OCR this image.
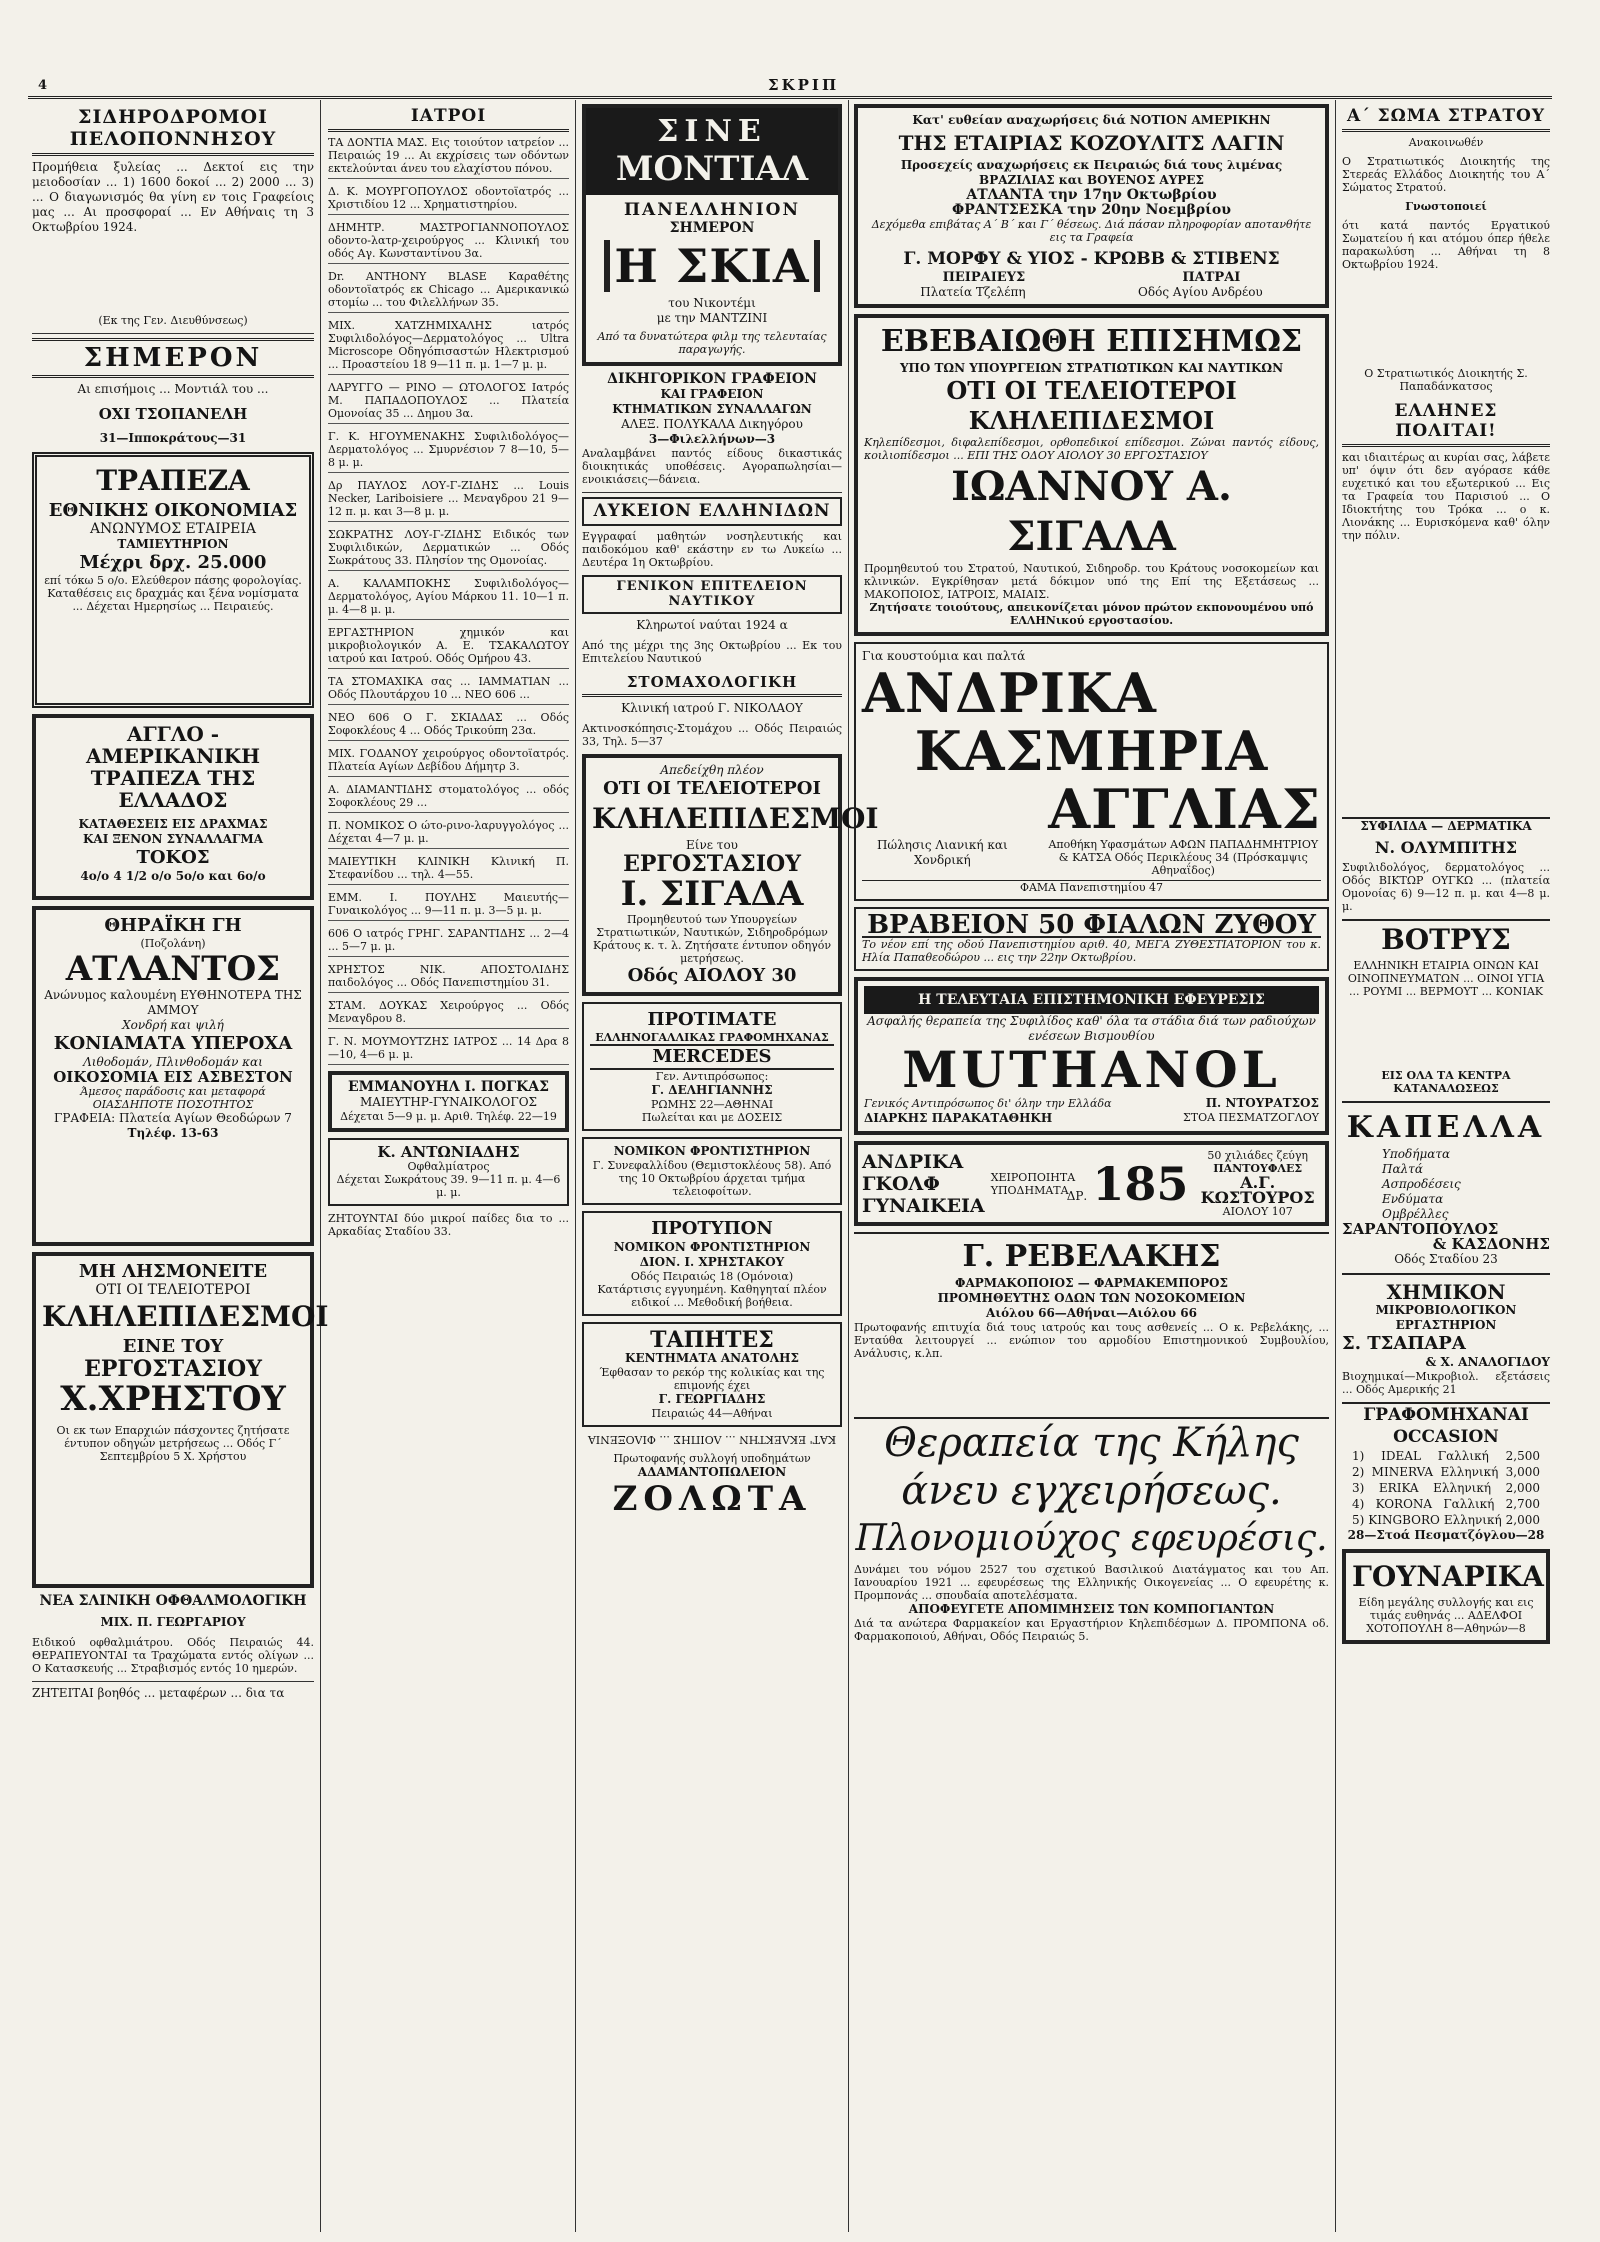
4	ΣΚΡΙΠ
ΣΙΔΗΡΟΔΡΟΜΟΙ ΠΕΛΟΠΟΝΝΗΣΟΥ
Προμήθεια ξυλείας ... Δεκτοί εις την μειοδοσίαν ... 1) 1600 δοκοί ... 2) 2000 ... 3) ... Ο διαγωνισμός θα γίνη εν τοις Γραφείοις μας ... Αι προσφοραί ... Εν Αθήναις τη 3 Οκτωβρίου 1924.
(Εκ της Γεν. Διευθύνσεως)
ΣΗΜΕΡΟΝ
Αι επισήμοις ... Μοντιάλ του ...
ΟΧΙ ΤΣΟΠΑΝΕΛΗ
31—Ιπποκράτους—31
ΤΡΑΠΕΖΑ
ΕΘΝΙΚΗΣ ΟΙΚΟΝΟΜΙΑΣ
ΑΝΩΝΥΜΟΣ ΕΤΑΙΡΕΙΑ
ΤΑΜΙΕΥΤΗΡΙΟΝ
Μέχρι δρχ. 25.000
επί τόκω 5 ο/ο. Ελεύθερον πάσης φορολογίας. Καταθέσεις εις δραχμάς και ξένα νομίσματα ... Δέχεται Ημερησίως ... Πειραιεύς.
ΑΓΓΛΟ - ΑΜΕΡΙΚΑΝΙΚΗ
ΤΡΑΠΕΖΑ ΤΗΣ ΕΛΛΑΔΟΣ
ΚΑΤΑΘΕΣΕΙΣ ΕΙΣ ΔΡΑΧΜΑΣ
ΚΑΙ ΞΕΝΟΝ ΣΥΝΑΛΛΑΓΜΑ
ΤΟΚΟΣ
4ο/ο 4 1/2 ο/ο 5ο/ο και 6ο/ο
ΘΗΡΑΪΚΗ ΓΗ
(Ποζολάνη)
ΑΤΛΑΝΤΟΣ
Ανώνυμος καλουμένη ΕΥΘΗΝΟΤΕΡΑ ΤΗΣ ΑΜΜΟΥ
Χονδρή και ψιλή
ΚΟΝΙΑΜΑΤΑ ΥΠΕΡΟΧΑ
Λιθοδομάν, Πλινθοδομάν και
ΟΙΚΟΣΟΜΙΑ ΕΙΣ ΑΣΒΕΣΤΟΝ
Άμεσος παράδοσις και μεταφορά ΟΙΑΣΔΗΠΟΤΕ ΠΟΣΟΤΗΤΟΣ
ΓΡΑΦΕΙΑ: Πλατεία Αγίων Θεοδώρων 7
Τηλέφ. 13-63
ΜΗ ΛΗΣΜΟΝΕΙΤΕ
ΟΤΙ ΟΙ ΤΕΛΕΙΟΤΕΡΟΙ
ΚΛΗΛΕΠΙΔΕΣΜΟΙ
ΕΙΝΕ ΤΟΥ
ΕΡΓΟΣΤΑΣΙΟΥ
Χ.ΧΡΗΣΤΟΥ
Οι εκ των Επαρχιών πάσχοντες ζητήσατε έντυπον οδηγών μετρήσεως ... Οδός Γ΄ Σεπτεμβρίου 5 Χ. Χρήστου
ΝΕΑ ΣΛΙΝΙΚΗ ΟΦΘΑΛΜΟΛΟΓΙΚΗ
ΜΙΧ. Π. ΓΕΩΡΓΑΡΙΟΥ
Ειδικού οφθαλμιάτρου. Οδός Πειραιώς 44. ΘΕΡΑΠΕΥΟΝΤΑΙ τα Τραχώματα εντός ολίγων ... Ο Κατασκευής ... Στραβισμός εντός 10 ημερών.
ΖΗΤΕΙΤΑΙ βοηθός ... μεταφέρων ... δια τα
ΙΑΤΡΟΙ
ΤΑ ΔΟΝΤΙΑ ΜΑΣ. Εις τοιούτον ιατρείον ... Πειραιώς 19 ... Αι εκχρίσεις των οδόντων εκτελούνται άνευ του ελαχίστου πόνου.
Δ. Κ. ΜΟΥΡΓΟΠΟΥΛΟΣ οδοντοϊατρός ... Χριστιδίου 12 ... Χρηματιστηρίου.
ΔΗΜΗΤΡ. ΜΑΣΤΡΟΓΙΑΝΝΟΠΟΥΛΟΣ οδοντο-λατρ-χειρούργος ... Κλινική του οδός Αγ. Κωνσταντίνου 3α.
Dr. ANTHONY BLASE Καραθέτης οδοντοϊατρός εκ Chicago ... Αμερικανικώ στομίω ... του Φιλελλήνων 35.
ΜΙΧ. ΧΑΤΖΗΜΙΧΑΛΗΣ ιατρός Συφιλιδολόγος—Δερματολόγος ... Ultra Microscope Οδηγόπισαστών Ηλεκτρισμού ... Προαστείου 18 9—11 π. μ. 1—7 μ. μ.
ΛΑΡΥΓΓΟ — ΡΙΝΟ — ΩΤΟΛΟΓΟΣ Ιατρός Μ. ΠΑΠΑΔΟΠΟΥΛΟΣ ... Πλατεία Ομονοίας 35 ... Δημου 3α.
Γ. Κ. ΗΓΟΥΜΕΝΑΚΗΣ Συφιλιδολόγος— Δερματολόγος ... Σμυρνέσιον 7 8—10, 5—8 μ. μ.
Δρ ΠΑΥΛΟΣ ΛΟΥ-Γ-ΖΙΔΗΣ ... Louis Necker, Lariboisiere ... Μεναγδρου 21 9—12 π. μ. και 3—8 μ. μ.
ΣΩΚΡΑΤΗΣ ΛΟΥ-Γ-ΖΙΔΗΣ Ειδικός των Συφιλιδικών, Δερματικών ... Οδός Σωκράτους 33. Πλησίον της Ομονοίας.
Α. ΚΑΛΑΜΠΟΚΗΣ Συφιλιδολόγος—Δερματολόγος, Αγίου Μάρκου 11. 10—1 π. μ. 4—8 μ. μ.
ΕΡΓΑΣΤΗΡΙΟΝ χημικόν και μικροβιολογικόν Α. Ε. ΤΣΑΚΑΛΩΤΟΥ ιατρού και Ιατρού. Οδός Ομήρου 43.
ΤΑ ΣΤΟΜΑΧΙΚΑ σας ... ΙΑΜΜΑΤΙΑΝ ... Οδός Πλουτάρχου 10 ... ΝΕΟ 606 ...
ΝΕΟ 606 Ο Γ. ΣΚΙΑΔΑΣ ... Οδός Σοφοκλέους 4 ... Οδός Τρικούπη 23α.
ΜΙΧ. ΓΟΔΑΝΟΥ χειρούργος οδοντοϊατρός. Πλατεία Αγίων Δεβίδου Δήμητρ 3.
Α. ΔΙΑΜΑΝΤΙΔΗΣ στοματολόγος ... οδός Σοφοκλέους 29 ...
Π. ΝΟΜΙΚΟΣ Ο ώτο-ρινο-λαρυγγολόγος ... Δέχεται 4—7 μ. μ.
ΜΑΙΕΥΤΙΚΗ ΚΛΙΝΙΚΗ Κλινική Π. Στεφανίδου ... τηλ. 4—55.
ΕΜΜ. Ι. ΠΟΥΛΗΣ Μαιευτής—Γυναικολόγος ... 9—11 π. μ. 3—5 μ. μ.
606 Ο ιατρός ΓΡΗΓ. ΣΑΡΑΝΤΙΔΗΣ ... 2—4 ... 5—7 μ. μ.
ΧΡΗΣΤΟΣ ΝΙΚ. ΑΠΟΣΤΟΛΙΔΗΣ παιδολόγος ... Οδός Πανεπιστημίου 31.
ΣΤΑΜ. ΔΟΥΚΑΣ Χειρούργος ... Οδός Μεναγδρου 8.
Γ. Ν. ΜΟΥΜΟΥΤΖΗΣ ΙΑΤΡΟΣ ... 14 Δρα 8—10, 4—6 μ. μ.
ΕΜΜΑΝΟΥΗΛ Ι. ΠΟΓΚΑΣ
ΜΑΙΕΥΤΗΡ-ΓΥΝΑΙΚΟΛΟΓΟΣ
Δέχεται 5—9 μ. μ. Αριθ. Τηλέφ. 22—19
Κ. ΑΝΤΩΝΙΑΔΗΣ
Οφθαλμίατρος
Δέχεται Σωκράτους 39. 9—11 π. μ. 4—6 μ. μ.
ΖΗΤΟΥΝΤΑΙ δύο μικροί παίδες δια το ... Αρκαδίας Σταδίου 33.
ΣΙΝΕ
ΜΟΝΤΙΑΛ
ΠΑΝΕΛΛΗΝΙΟΝ
ΣΗΜΕΡΟΝ
Η ΣΚΙΑ
του Νικοντέμι
με την ΜΑΝΤΖΙΝΙ
Από τα δυνατώτερα φιλμ της τελευταίας παραγωγής.
ΔΙΚΗΓΟΡΙΚΟΝ ΓΡΑΦΕΙΟΝ
ΚΑΙ ΓΡΑΦΕΙΟΝ
ΚΤΗΜΑΤΙΚΩΝ ΣΥΝΑΛΛΑΓΩΝ
ΑΛΕΞ. ΠΟΛΥΚΑΛΑ Δικηγόρου
3—Φιλελλήνων—3
Αναλαμβάνει παντός είδους δικαστικάς διοικητικάς υποθέσεις. Αγοραπωλησίαι—ενοικιάσεις—δάνεια.
ΛΥΚΕΙΟΝ ΕΛΛΗΝΙΔΩΝ
Εγγραφαί μαθητών νοσηλευτικής και παιδοκόμου καθ' εκάστην εν τω Λυκείω ... Δευτέρα 1η Οκτωβρίου.
ΓΕΝΙΚΟΝ ΕΠΙΤΕΛΕΙΟΝ ΝΑΥΤΙΚΟΥ
Κληρωτοί ναύται 1924 α
Από της μέχρι της 3ης Οκτωβρίου ... Εκ του Επιτελείου Ναυτικού
ΣΤΟΜΑΧΟΛΟΓΙΚΗ
Κλινική ιατρού Γ. ΝΙΚΟΛΑΟΥ
Ακτινοσκόπησις-Στομάχου ... Οδός Πειραιώς 33, Τηλ. 5—37
Απεδείχθη πλέον
ΟΤΙ ΟΙ ΤΕΛΕΙΟΤΕΡΟΙ
ΚΛΗΛΕΠΙΔΕΣΜΟΙ
Είνε του
ΕΡΓΟΣΤΑΣΙΟΥ
Ι. ΣΙΓΑΔΑ
Προμηθευτού των Υπουργείων Στρατιωτικών, Ναυτικών, Σιδηροδρόμων Κράτους κ. τ. λ. Ζητήσατε έντυπον οδηγόν μετρήσεως.
Οδός ΑΙΟΛΟΥ 30
ΠΡΟΤΙΜΑΤΕ
ΕΛΛΗΝΟΓΑΛΛΙΚΑΣ ΓΡΑΦΟΜΗΧΑΝΑΣ
MERCEDES
Γεν. Αντιπρόσωπος:
Γ. ΔΕΛΗΓΙΑΝΝΗΣ
ΡΩΜΗΣ 22—ΑΘΗΝΑΙ
Πωλείται και με ΔΟΣΕΙΣ
ΝΟΜΙΚΟΝ ΦΡΟΝΤΙΣΤΗΡΙΟΝ
Γ. Συνεφαλλίδου (Θεμιστοκλέους 58). Από της 10 Οκτωβρίου άρχεται τμήμα τελειοφοίτων.
ΠΡΟΤΥΠΟΝ
ΝΟΜΙΚΟΝ ΦΡΟΝΤΙΣΤΗΡΙΟΝ
ΔΙΟΝ. Ι. ΧΡΗΣΤΑΚΟΥ
Οδός Πειραιώς 18 (Ομόνοια)
Κατάρτισις εγγυημένη. Καθηγηταί πλέον ειδικοί ... Μεθοδική βοήθεια.
ΤΑΠΗΤΕΣ
ΚΕΝΤΗΜΑΤΑ ΑΝΑΤΟΛΗΣ
Έφθασαν το ρεκόρ της κολικίας και της επιμονής έχει
Γ. ΓΕΩΡΓΙΑΔΗΣ
Πειραιώς 44—Αθήναι
ΚΑΤ' ΕΚΛΕΚΤΗΝ ... ΛΟΙΠΗΣ ... ΦΙΛΟΞΕΝΙΑ
Πρωτοφανής συλλογή υποδημάτων
ΑΔΑΜΑΝΤΟΠΩΛΕΙΟΝ
ΖΟΛΩΤΑ
Κατ' ευθείαν αναχωρήσεις διά ΝΟΤΙΟΝ ΑΜΕΡΙΚΗΝ
ΤΗΣ ΕΤΑΙΡΙΑΣ ΚΟΖΟΥΛΙΤΣ ΛΑΓΙΝ
Προσεχείς αναχωρήσεις εκ Πειραιώς διά τους λιμένας ΒΡΑΖΙΛΙΑΣ και ΒΟΥΕΝΟΣ ΑΥΡΕΣ
ΑΤΛΑΝΤΑ την 17ην Οκτωβρίου
ΦΡΑΝΤΣΕΣΚΑ την 20ην Νοεμβρίου
Δεχόμεθα επιβάτας Α΄ Β΄ και Γ΄ θέσεως. Διά πάσαν πληροφορίαν αποτανθήτε εις τα Γραφεία
Γ. ΜΟΡΦΥ & ΥΙΟΣ - ΚΡΩΒΒ & ΣΤΙΒΕΝΣ
ΠΕΙΡΑΙΕΥΣ	ΠΑΤΡΑΙ
Πλατεία Τζελέπη	Οδός Αγίου Ανδρέου
ΕΒΕΒΑΙΩΘΗ ΕΠΙΣΗΜΩΣ
ΥΠΟ ΤΩΝ ΥΠΟΥΡΓΕΙΩΝ ΣΤΡΑΤΙΩΤΙΚΩΝ ΚΑΙ ΝΑΥΤΙΚΩΝ
ΟΤΙ ΟΙ ΤΕΛΕΙΟΤΕΡΟΙ ΚΛΗΛΕΠΙΔΕΣΜΟΙ
Κηλεπίδεσμοι, διφαλεπίδεσμοι, ορθοπεδικοί επίδεσμοι. Ζώναι παντός είδους, κοιλιοπίδεσμοι ... ΕΠΙ ΤΗΣ ΟΔΟΥ ΑΙΟΛΟΥ 30 ΕΡΓΟΣΤΑΣΙΟΥ
ΙΩΑΝΝΟΥ Α. ΣΙΓΑΛΑ
Προμηθευτού του Στρατού, Ναυτικού, Σιδηροδρ. του Κράτους νοσοκομείων και κλινικών. Εγκρίθησαν μετά δόκιμον υπό της Επί της Εξετάσεως ... ΜΑΚΟΠΟΙΟΣ, ΙΑΤΡΟΙΣ, ΜΑΙΑΙΣ.
Ζητήσατε τοιούτους, απεικονίζεται μόνον πρώτον εκπονουμένου υπό ΕΛΛΗΝικού εργοστασίου.
Για κουστούμια και παλτά
ΑΝΔΡΙΚΑ
ΚΑΣΜΗΡΙΑ
ΑΓΓΛΙΑΣ
Πώλησις Λιανική και Χονδρική
Αποθήκη Υφασμάτων ΑΦΩΝ ΠΑΠΑΔΗΜΗΤΡΙΟΥ & ΚΑΤΣΑ Οδός Περικλέους 34 (Πρόσκαμψις Αθηναΐδος)
ΦΑΜΑ Πανεπιστημίου 47
ΒΡΑΒΕΙΟΝ 50 ΦΙΑΛΩΝ ΖΥΘΟΥ
Το νέον επί της οδού Πανεπιστημίου αριθ. 40, ΜΕΓΑ ΖΥΘΕΣΤΙΑΤΟΡΙΟΝ του κ. Ηλία Παπαθεοδώρου ... εις την 22ην Οκτωβρίου.
Η ΤΕΛΕΥΤΑΙΑ ΕΠΙΣΤΗΜΟΝΙΚΗ ΕΦΕΥΡΕΣΙΣ
Ασφαλής θεραπεία της Συφιλίδος καθ' όλα τα στάδια διά των ραδιούχων ενέσεων Βισμουθίου
MUTHANOL
Γενικός Αντιπρόσωπος δι' όλην την Ελλάδα	Π. ΝΤΟΥΡΑΤΣΟΣ
ΔΙΑΡΚΗΣ ΠΑΡΑΚΑΤΑΘΗΚΗ	ΣΤΟΑ ΠΕΣΜΑΤΖΟΓΛΟΥ
ΑΝΔΡΙΚΑ
ΓΚΟΛΦ
ΓΥΝΑΙΚΕΙΑ
ΧΕΙΡΟΠΟΙΗΤΑ
ΥΠΟΔΗΜΑΤΑ
ΔΡ. 185
50 χιλιάδες ζεύγη
ΠΑΝΤΟΥΦΛΕΣ
Α.Γ. ΚΩΣΤΟΥΡΟΣ
ΑΙΟΛΟΥ 107
Γ. ΡΕΒΕΛΑΚΗΣ
ΦΑΡΜΑΚΟΠΟΙΟΣ — ΦΑΡΜΑΚΕΜΠΟΡΟΣ
ΠΡΟΜΗΘΕΥΤΗΣ ΟΔΩΝ ΤΩΝ ΝΟΣΟΚΟΜΕΙΩΝ
Αιόλου 66—Αθήναι—Αιόλου 66
Πρωτοφανής επιτυχία διά τους ιατρούς και τους ασθενείς ... Ο κ. Ρεβελάκης, ... Ενταύθα λειτουργεί ... ενώπιον του αρμοδίου Επιστημονικού Συμβουλίου, Ανάλυσις, κ.λπ.
Θεραπεία της Κήλης
άνευ εγχειρήσεως.
Πλονομιούχος εφευρέσις.
Δυνάμει του νόμου 2527 του σχετικού Βασιλικού Διατάγματος και του Απ. Ιανουαρίου 1921 ... εφευρέσεως της Ελληνικής Οικογενείας ... Ο εφευρέτης κ. Προμπονάς ... σπουδαία αποτελέσματα.
ΑΠΟΦΕΥΓΕΤΕ ΑΠΟΜΙΜΗΣΕΙΣ ΤΩΝ ΚΟΜΠΟΓΙΑΝΤΩΝ
Διά τα ανώτερα Φαρμακείον και Εργαστήριον Κηλεπιδέσμων Δ. ΠΡΟΜΠΟΝΑ οδ. Φαρμακοποιού, Αθήναι, Οδός Πειραιώς 5.
Α΄ ΣΩΜΑ ΣΤΡΑΤΟΥ
Ανακοινωθέν
Ο Στρατιωτικός Διοικητής της Στερεάς Ελλάδος Διοικητής του Α΄ Σώματος Στρατού.
Γνωστοποιεί
ότι κατά παντός Εργατικού Σωματείου ή και ατόμου όπερ ήθελε παρακωλύση ... Αθήναι τη 8 Οκτωβρίου 1924.
Ο Στρατιωτικός Διοικητής Σ. Παπαδάνκατσος
ΕΛΛΗΝΕΣ ΠΟΛΙΤΑΙ!
και ιδιαιτέρως αι κυρίαι σας, λάβετε υπ' όψιν ότι δεν αγόρασε κάθε ευχετικό και του εξωτερικού ... Εις τα Γραφεία του Παρισιού ... Ο Ιδιοκτήτης του Τρόκα ... ο κ. Λιονάκης ... Ευρισκόμενα καθ' όλην την πόλιν.
ΣΥΦΙΛΙΔΑ — ΔΕΡΜΑΤΙΚΑ
Ν. ΟΛΥΜΠΙΤΗΣ
Συφιλιδολόγος, δερματολόγος ... Οδός ΒΙΚΤΩΡ ΟΥΓΚΩ ... (πλατεία Ομονοίας 6) 9—12 π. μ. και 4—8 μ. μ.
ΒΟΤΡΥΣ
ΕΛΛΗΝΙΚΗ ΕΤΑΙΡΙΑ ΟΙΝΩΝ ΚΑΙ ΟΙΝΟΠΝΕΥΜΑΤΩΝ ... ΟΙΝΟΙ ΥΓΙΑ ... ΡΟΥΜΙ ... ΒΕΡΜΟΥΤ ... ΚΟΝΙΑΚ
ΕΙΣ ΟΛΑ ΤΑ ΚΕΝΤΡΑ ΚΑΤΑΝΑΛΩΣΕΩΣ
ΚΑΠΕΛΛΑ
Υποδήματα
Παλτά
Ασπροδέσεις
Ενδύματα
Ομβρέλλες
ΣΑΡΑΝΤΟΠΟΥΛΟΣ
& ΚΑΣΔΟΝΗΣ
Οδός Σταδίου 23
ΧΗΜΙΚΟΝ
ΜΙΚΡΟΒΙΟΛΟΓΙΚΟΝ ΕΡΓΑΣΤΗΡΙΟΝ
Σ. ΤΣΑΠΑΡΑ
& Χ. ΑΝΑΛΟΓΙΔΟΥ
Βιοχημικαί—Μικροβιολ. εξετάσεις ... Οδός Αμερικής 21
ΓΡΑΦΟΜΗΧΑΝΑΙ OCCASION
1) IDEAL Γαλλική 2,500
2) MINERVA Ελληνική 3,000
3) ERIKA Ελληνική 2,000
4) KORONA Γαλλική 2,700
5) KINGBORO Ελληνική 2,000
28—Στοά Πεσματζόγλου—28
ΓΟΥΝΑΡΙΚΑ
Είδη μεγάλης συλλογής και εις τιμάς ευθηνάς ... ΑΔΕΛΦΟΙ ΧΟΤΟΠΟΥΛΗ 8—Αθηνών—8
